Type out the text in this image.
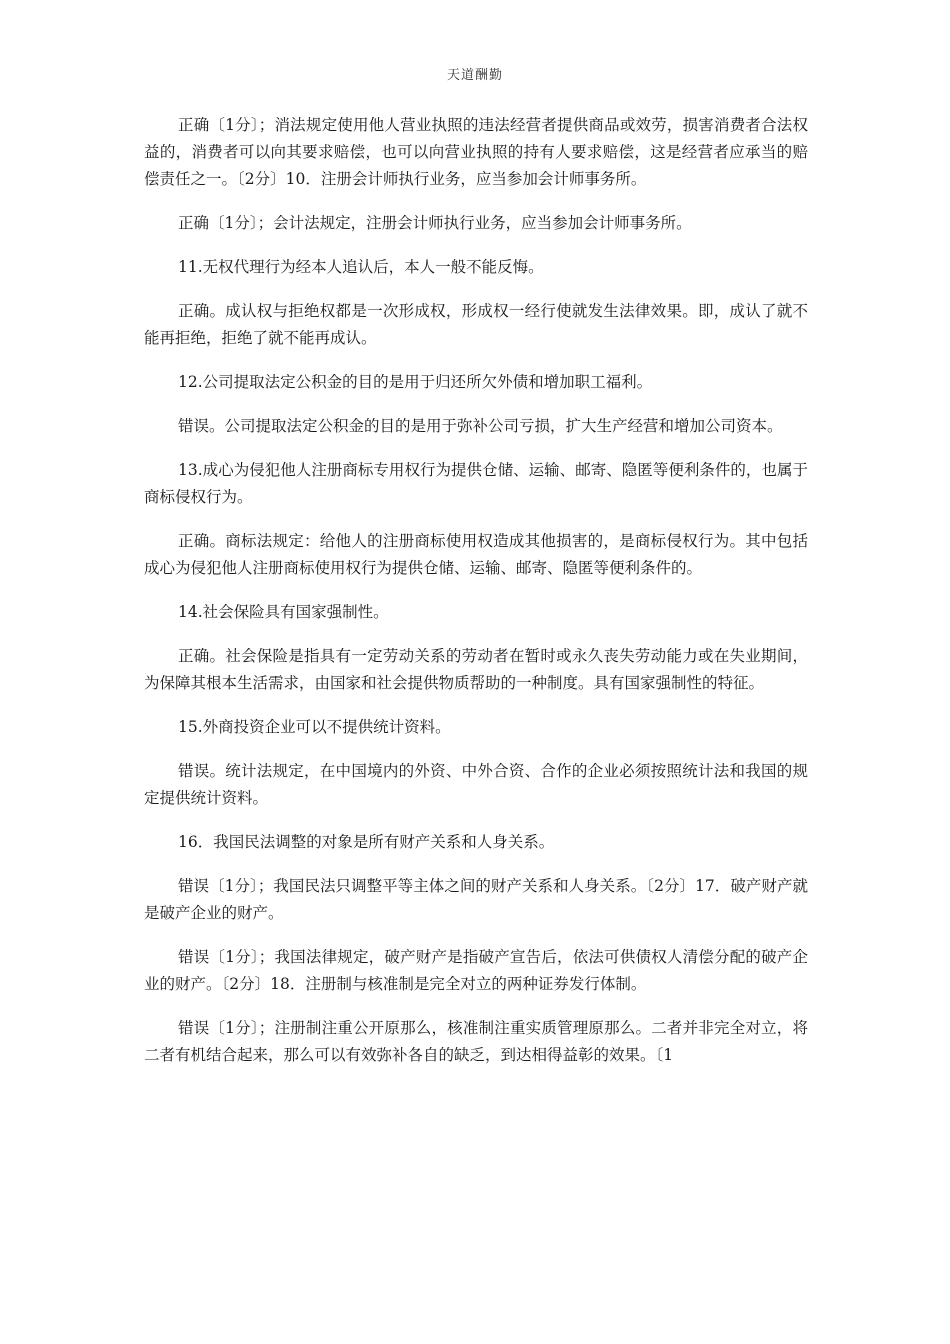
天道酬勤

正确〔1分〕；消法规定使用他人营业执照的违法经营者提供商品或效劳，损害消费者合法权益的，消费者可以向其要求赔偿，也可以向营业执照的持有人要求赔偿，这是经营者应承当的赔偿责任之一。〔2分〕10．注册会计师执行业务，应当参加会计师事务所。

正确〔1分〕；会计法规定，注册会计师执行业务，应当参加会计师事务所。

11.无权代理行为经本人追认后，本人一般不能反悔。

正确。成认权与拒绝权都是一次形成权，形成权一经行使就发生法律效果。即，成认了就不能再拒绝，拒绝了就不能再成认。

12.公司提取法定公积金的目的是用于归还所欠外债和增加职工福利。

错误。公司提取法定公积金的目的是用于弥补公司亏损，扩大生产经营和增加公司资本。

13.成心为侵犯他人注册商标专用权行为提供仓储、运输、邮寄、隐匿等便利条件的，也属于商标侵权行为。

正确。商标法规定：给他人的注册商标使用权造成其他损害的，是商标侵权行为。其中包括成心为侵犯他人注册商标使用权行为提供仓储、运输、邮寄、隐匿等便利条件的。

14.社会保险具有国家强制性。

正确。社会保险是指具有一定劳动关系的劳动者在暂时或永久丧失劳动能力或在失业期间，为保障其根本生活需求，由国家和社会提供物质帮助的一种制度。具有国家强制性的特征。

15.外商投资企业可以不提供统计资料。

错误。统计法规定，在中国境内的外资、中外合资、合作的企业必须按照统计法和我国的规定提供统计资料。

16．我国民法调整的对象是所有财产关系和人身关系。

错误〔1分〕；我国民法只调整平等主体之间的财产关系和人身关系。〔2分〕17．破产财产就是破产企业的财产。

错误〔1分〕；我国法律规定，破产财产是指破产宣告后，依法可供债权人清偿分配的破产企业的财产。〔2分〕18．注册制与核准制是完全对立的两种证券发行体制。

错误〔1分〕；注册制注重公开原那么，核准制注重实质管理原那么。二者并非完全对立，将二者有机结合起来，那么可以有效弥补各自的缺乏，到达相得益彰的效果。〔1
